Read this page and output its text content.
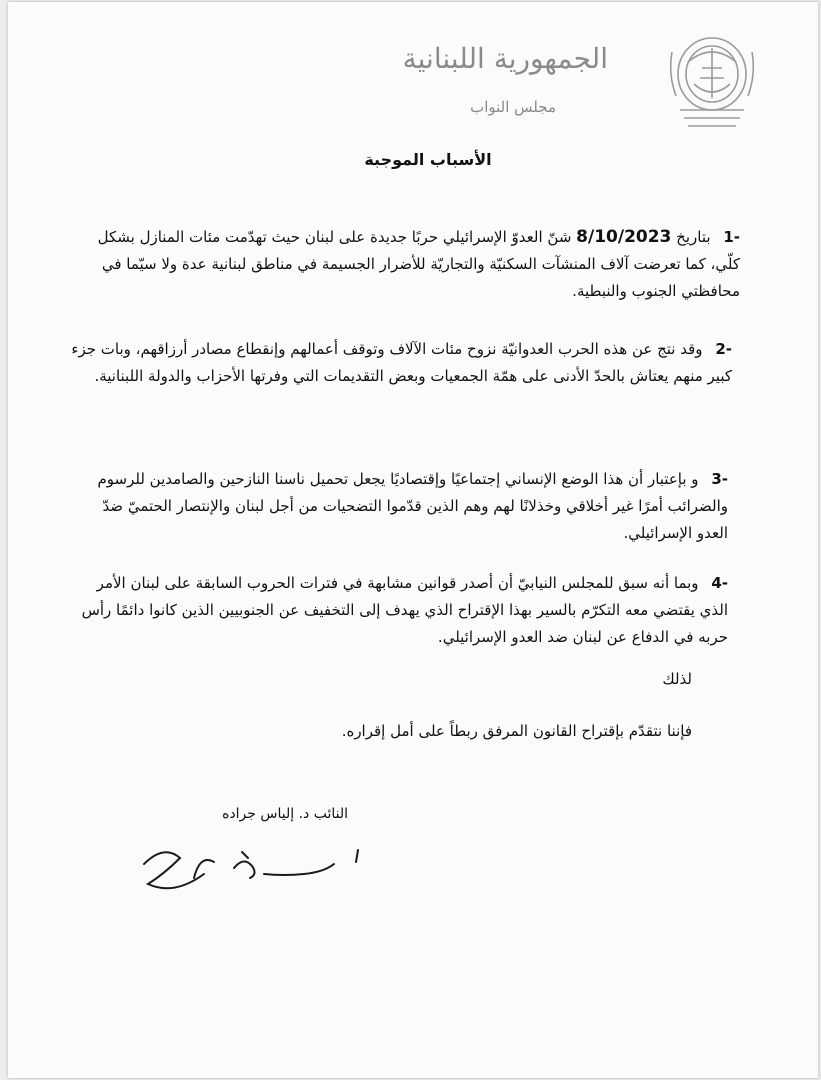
الجمهورية اللبنانية
مجلس النواب
الأسباب الموجبة
-1 بتاريخ 8/10/2023 شنّ العدوّ الإسرائيلي حربًا جديدة على لبنان حيث تهدّمت مئات المنازل بشكل كلّي، كما تعرضت آلاف المنشآت السكنيّة والتجاريّة للأضرار الجسيمة في مناطق لبنانية عدة ولا سيّما في محافظتي الجنوب والنبطية.
-2 وقد نتج عن هذه الحرب العدوانيّة نزوح مئات الآلاف وتوقف أعمالهم وإنقطاع مصادر أرزاقهم، وبات جزء كبير منهم يعتاش بالحدّ الأدنى على همّة الجمعيات وبعض التقديمات التي وفرتها الأحزاب والدولة اللبنانية.
-3 و بإعتبار أن هذا الوضع الإنساني إجتماعيًا وإقتصاديًا يجعل تحميل ناسنا النازحين والصامدين للرسوم والضرائب أمرًا غير أخلاقي وخذلانًا لهم وهم الذين قدّموا التضحيات من أجل لبنان والإنتصار الحتميّ ضدّ العدو الإسرائيلي.
-4 وبما أنه سبق للمجلس النيابيّ أن أصدر قوانين مشابهة في فترات الحروب السابقة على لبنان الأمر الذي يقتضي معه التكرّم بالسير بهذا الإقتراح الذي يهدف إلى التخفيف عن الجنوبيين الذين كانوا دائمًا رأس حربه في الدفاع عن لبنان ضد العدو الإسرائيلي.
لذلك
فإننا نتقدّم بإقتراح القانون المرفق ربطاً على أمل إقراره.
النائب د. إلياس جراده
